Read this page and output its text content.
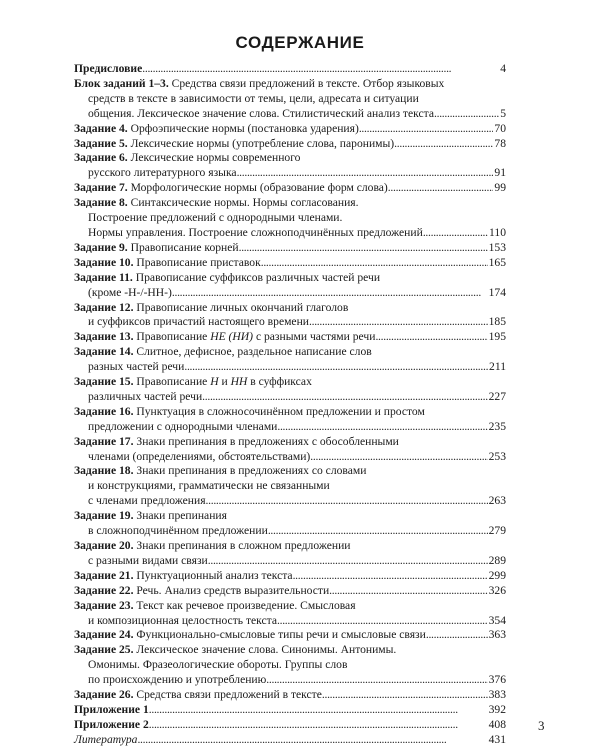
СОДЕРЖАНИЕ
Предисловие . . .	4
Блок заданий 1–3. Средства связи предложений в тексте. Отбор языковых
средств в тексте в зависимости от темы, цели, адресата и ситуации
общения. Лексическое значение слова. Стилистический анализ текста . . .	5
Задание 4.
Орфоэпические нормы (постановка ударения) . . .	70
Задание 5.
Лексические нормы (употребление слова, паронимы) . . .	78
Задание 6. Лексические нормы современного
русского литературного языка . . .	91
Задание 7.
Морфологические нормы (образование форм слова) . . .	99
Задание 8. Синтаксические нормы. Нормы согласования.
Построение предложений с однородными членами.
Нормы управления. Построение сложноподчинённых предложений . . .	110
Задание 9.
Правописание корней . . .	153
Задание 10.
Правописание приставок . . .	165
Задание 11. Правописание суффиксов различных частей речи
(кроме -Н-/-НН-) . . .	174
Задание 12. Правописание личных окончаний глаголов
и суффиксов причастий настоящего времени . . .	185
Задание 13.
Правописание
НЕ (НИ)
с разными частями речи . . .	195
Задание 14. Слитное, дефисное, раздельное написание слов
разных частей речи . . .	211
Задание 15. Правописание Н и НН в суффиксах
различных частей речи . . .	227
Задание 16. Пунктуация в сложносочинённом предложении и простом
предложении с однородными членами . . .	235
Задание 17. Знаки препинания в предложениях с обособленными
членами (определениями, обстоятельствами) . . .	253
Задание 18. Знаки препинания в предложениях со словами
и конструкциями, грамматически не связанными
с членами предложения . . .	263
Задание 19. Знаки препинания
в сложноподчинённом предложении . . .	279
Задание 20. Знаки препинания в сложном предложении
с разными видами связи . . .	289
Задание 21.
Пунктуационный анализ текста . . .	299
Задание 22.
Речь. Анализ средств выразительности . . .	326
Задание 23. Текст как речевое произведение. Смысловая
и композиционная целостность текста . . .	354
Задание 24.
Функционально-смысловые типы речи и смысловые связи . . .	363
Задание 25. Лексическое значение слова. Синонимы. Антонимы.
Омонимы. Фразеологические обороты. Группы слов
по происхождению и употреблению . . .	376
Задание 26.
Средства связи предложений в тексте . . .	383
Приложение 1 . . .	392
Приложение 2 . . .	408
Литература . . .	431
3
